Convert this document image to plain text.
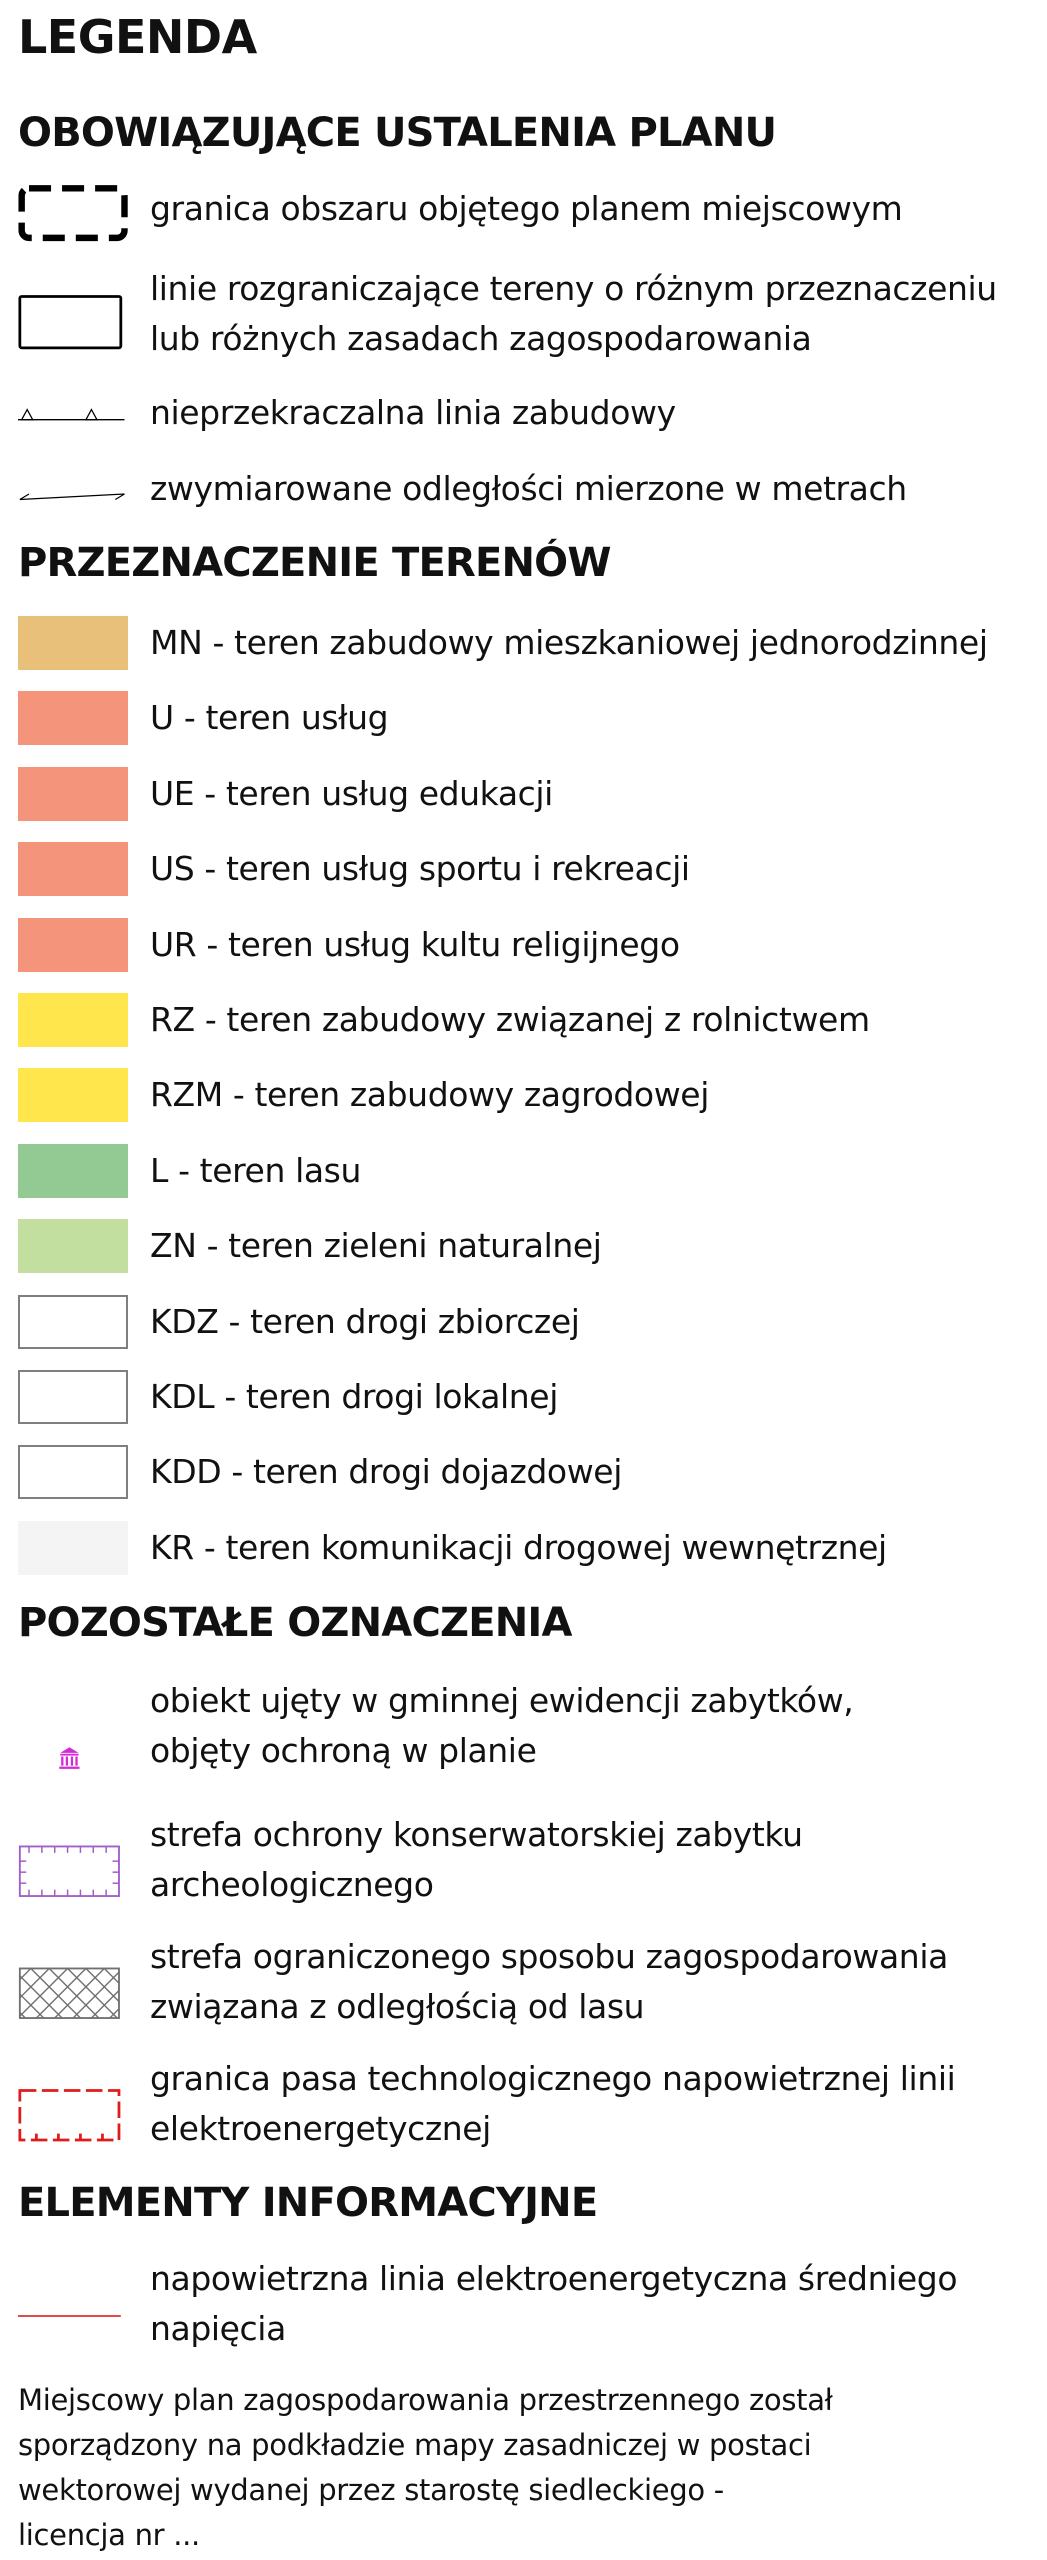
LEGENDA
OBOWIĄZUJĄCE USTALENIA PLANU
granica obszaru objętego planem miejscowym
linie rozgraniczające tereny o różnym przeznaczeniu
lub różnych zasadach zagospodarowania
nieprzekraczalna linia zabudowy
zwymiarowane odległości mierzone w metrach
PRZEZNACZENIE TERENÓW
MN - teren zabudowy mieszkaniowej jednorodzinnej
U - teren usług
UE - teren usług edukacji
US - teren usług sportu i rekreacji
UR - teren usług kultu religijnego
RZ - teren zabudowy związanej z rolnictwem
RZM - teren zabudowy zagrodowej
L - teren lasu
ZN - teren zieleni naturalnej
KDZ - teren drogi zbiorczej
KDL - teren drogi lokalnej
KDD - teren drogi dojazdowej
KR - teren komunikacji drogowej wewnętrznej
POZOSTAŁE OZNACZENIA
obiekt ujęty w gminnej ewidencji zabytków,
objęty ochroną w planie
strefa ochrony konserwatorskiej zabytku
archeologicznego
strefa ograniczonego sposobu zagospodarowania
związana z odległością od lasu
granica pasa technologicznego napowietrznej linii
elektroenergetycznej
ELEMENTY INFORMACYJNE
napowietrzna linia elektroenergetyczna średniego
napięcia
Miejscowy plan zagospodarowania przestrzennego został
sporządzony na podkładzie mapy zasadniczej w postaci
wektorowej wydanej przez starostę siedleckiego -
licencja nr ...
